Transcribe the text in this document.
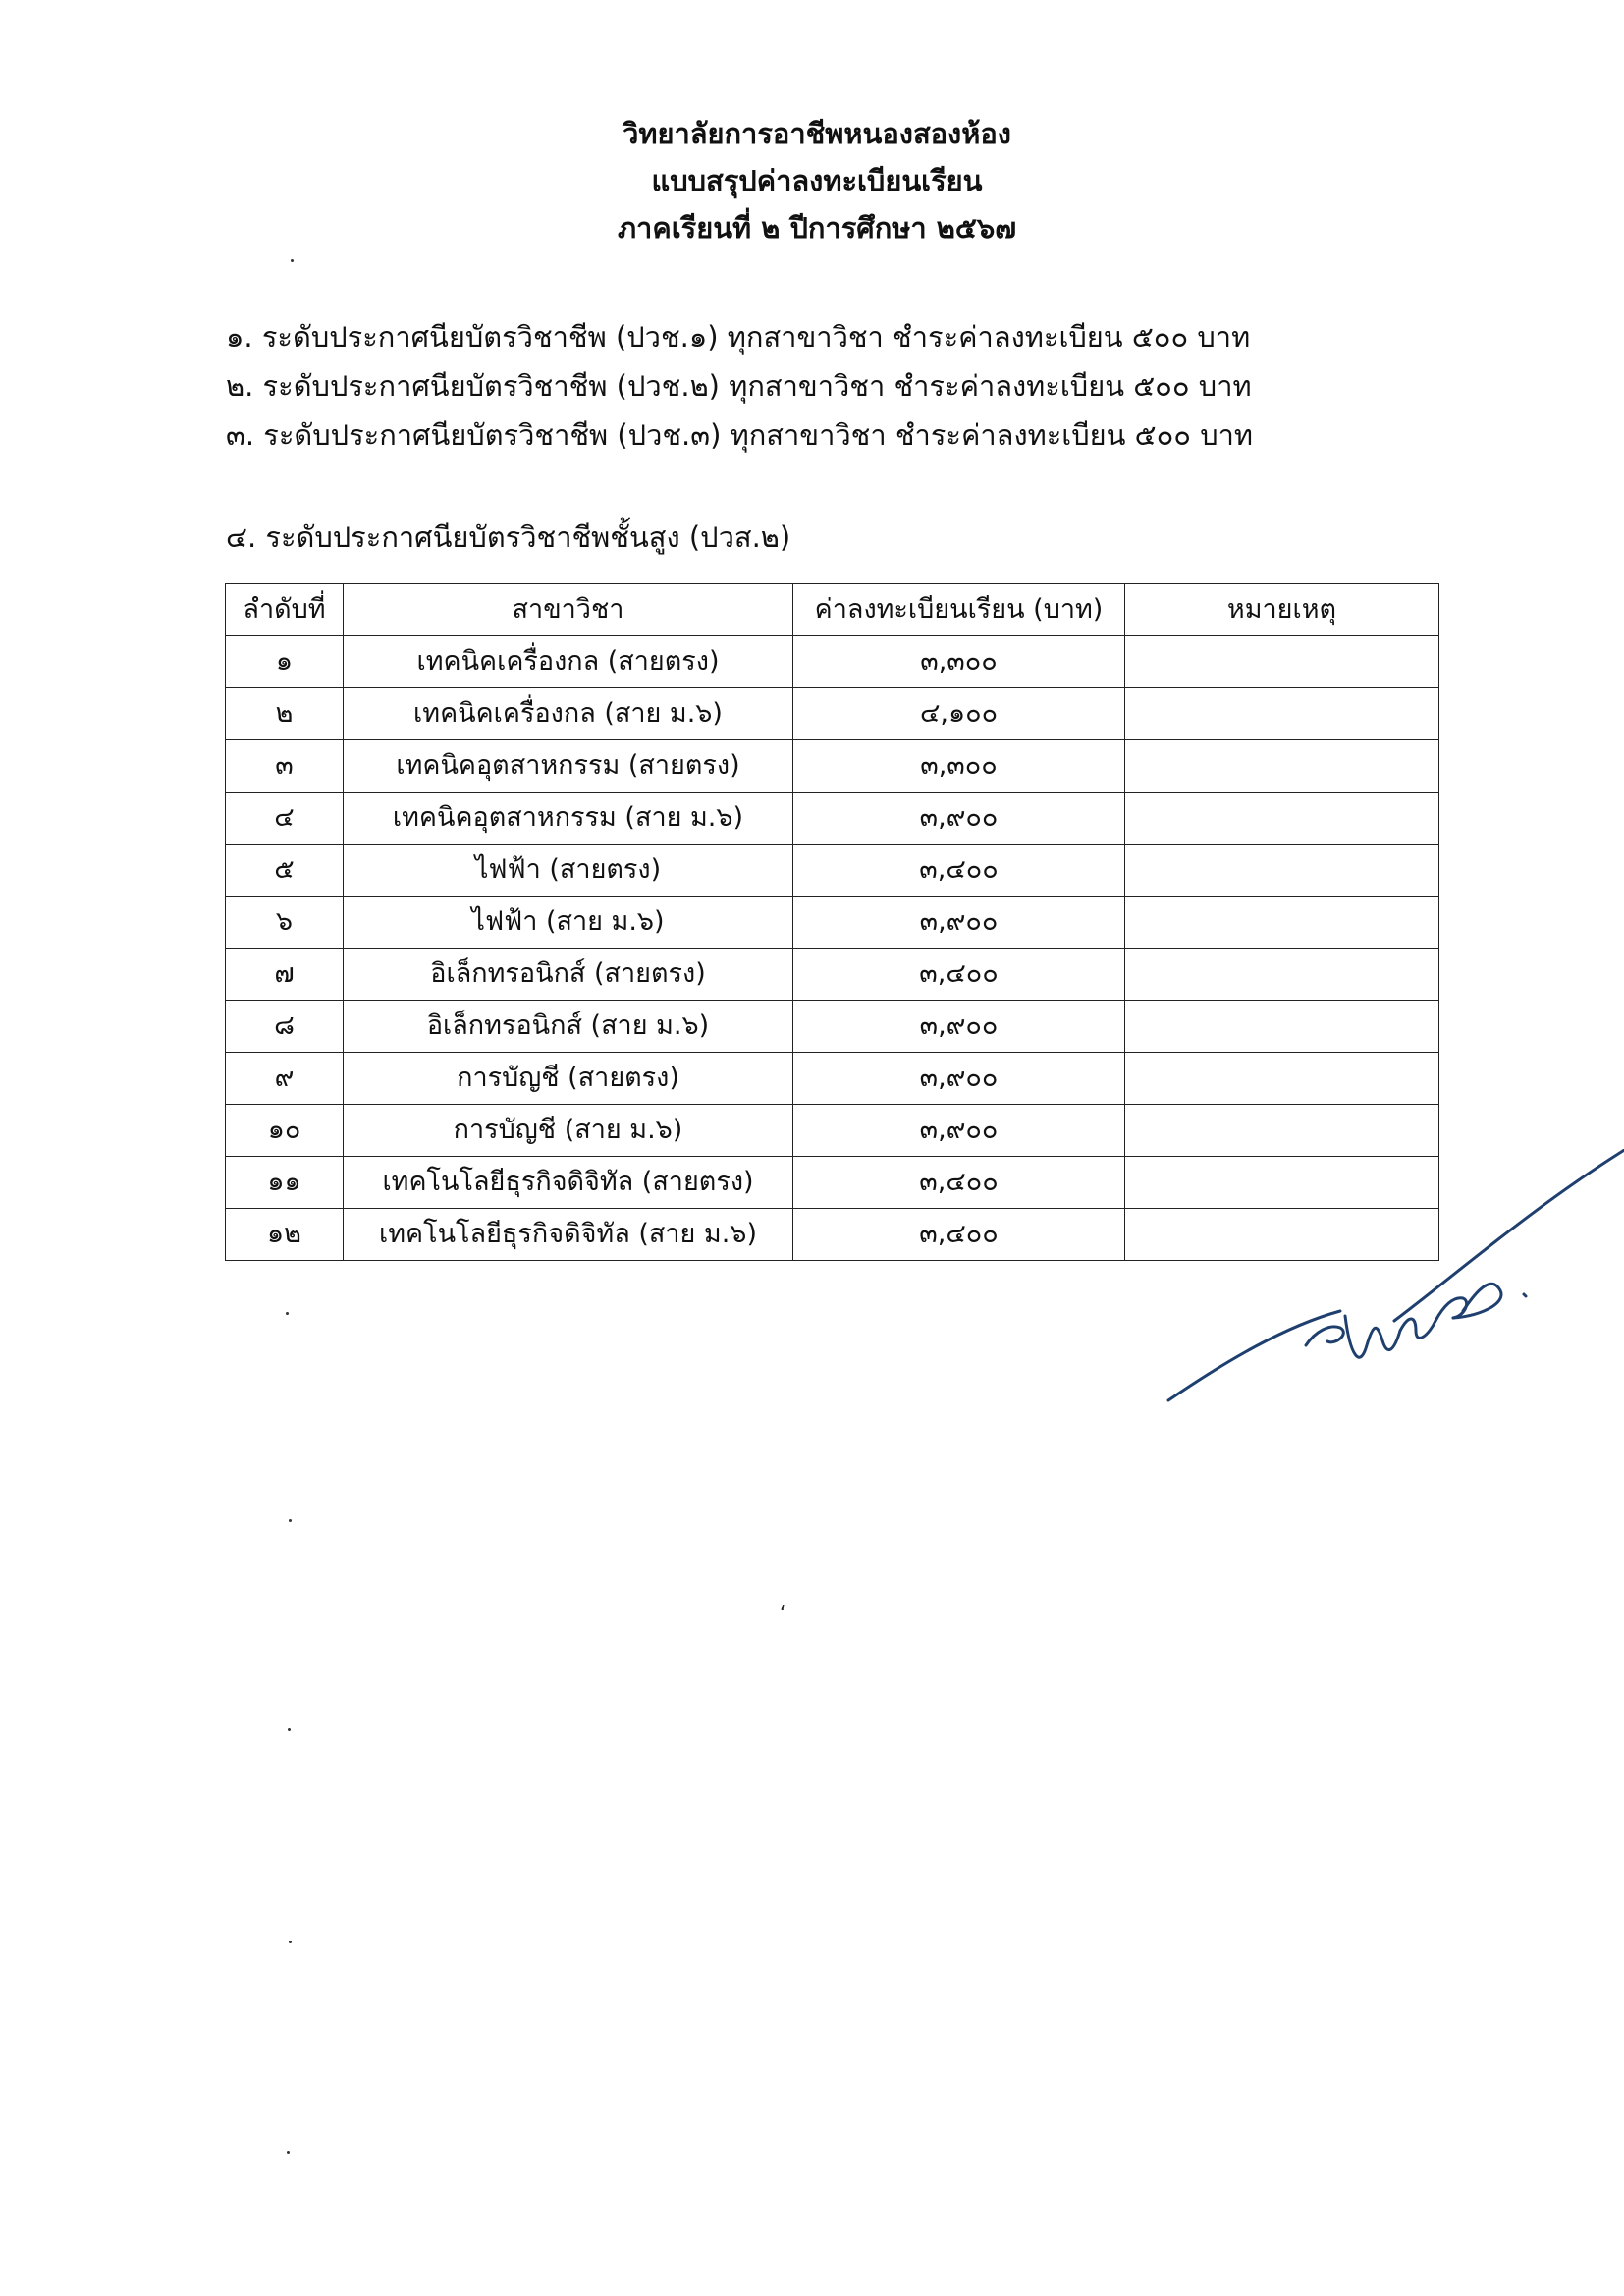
วิทยาลัยการอาชีพหนองสองห้อง
แบบสรุปค่าลงทะเบียนเรียน
ภาคเรียนที่ ๒ ปีการศึกษา ๒๕๖๗
๑. ระดับประกาศนียบัตรวิชาชีพ (ปวช.๑) ทุกสาขาวิชา ชำระค่าลงทะเบียน ๕๐๐ บาท
๒. ระดับประกาศนียบัตรวิชาชีพ (ปวช.๒) ทุกสาขาวิชา ชำระค่าลงทะเบียน ๕๐๐ บาท
๓. ระดับประกาศนียบัตรวิชาชีพ (ปวช.๓) ทุกสาขาวิชา ชำระค่าลงทะเบียน ๕๐๐ บาท
๔. ระดับประกาศนียบัตรวิชาชีพชั้นสูง (ปวส.๒)
ลำดับที่	สาขาวิชา	ค่าลงทะเบียนเรียน (บาท)	หมายเหตุ
๑	เทคนิคเครื่องกล (สายตรง)	๓,๓๐๐	
๒	เทคนิคเครื่องกล (สาย ม.๖)	๔,๑๐๐	
๓	เทคนิคอุตสาหกรรม (สายตรง)	๓,๓๐๐	
๔	เทคนิคอุตสาหกรรม (สาย ม.๖)	๓,๙๐๐	
๕	ไฟฟ้า (สายตรง)	๓,๔๐๐	
๖	ไฟฟ้า (สาย ม.๖)	๓,๙๐๐	
๗	อิเล็กทรอนิกส์ (สายตรง)	๓,๔๐๐	
๘	อิเล็กทรอนิกส์ (สาย ม.๖)	๓,๙๐๐	
๙	การบัญชี (สายตรง)	๓,๙๐๐	
๑๐	การบัญชี (สาย ม.๖)	๓,๙๐๐	
๑๑	เทคโนโลยีธุรกิจดิจิทัล (สายตรง)	๓,๔๐๐	
๑๒	เทคโนโลยีธุรกิจดิจิทัล (สาย ม.๖)	๓,๔๐๐	
‘
